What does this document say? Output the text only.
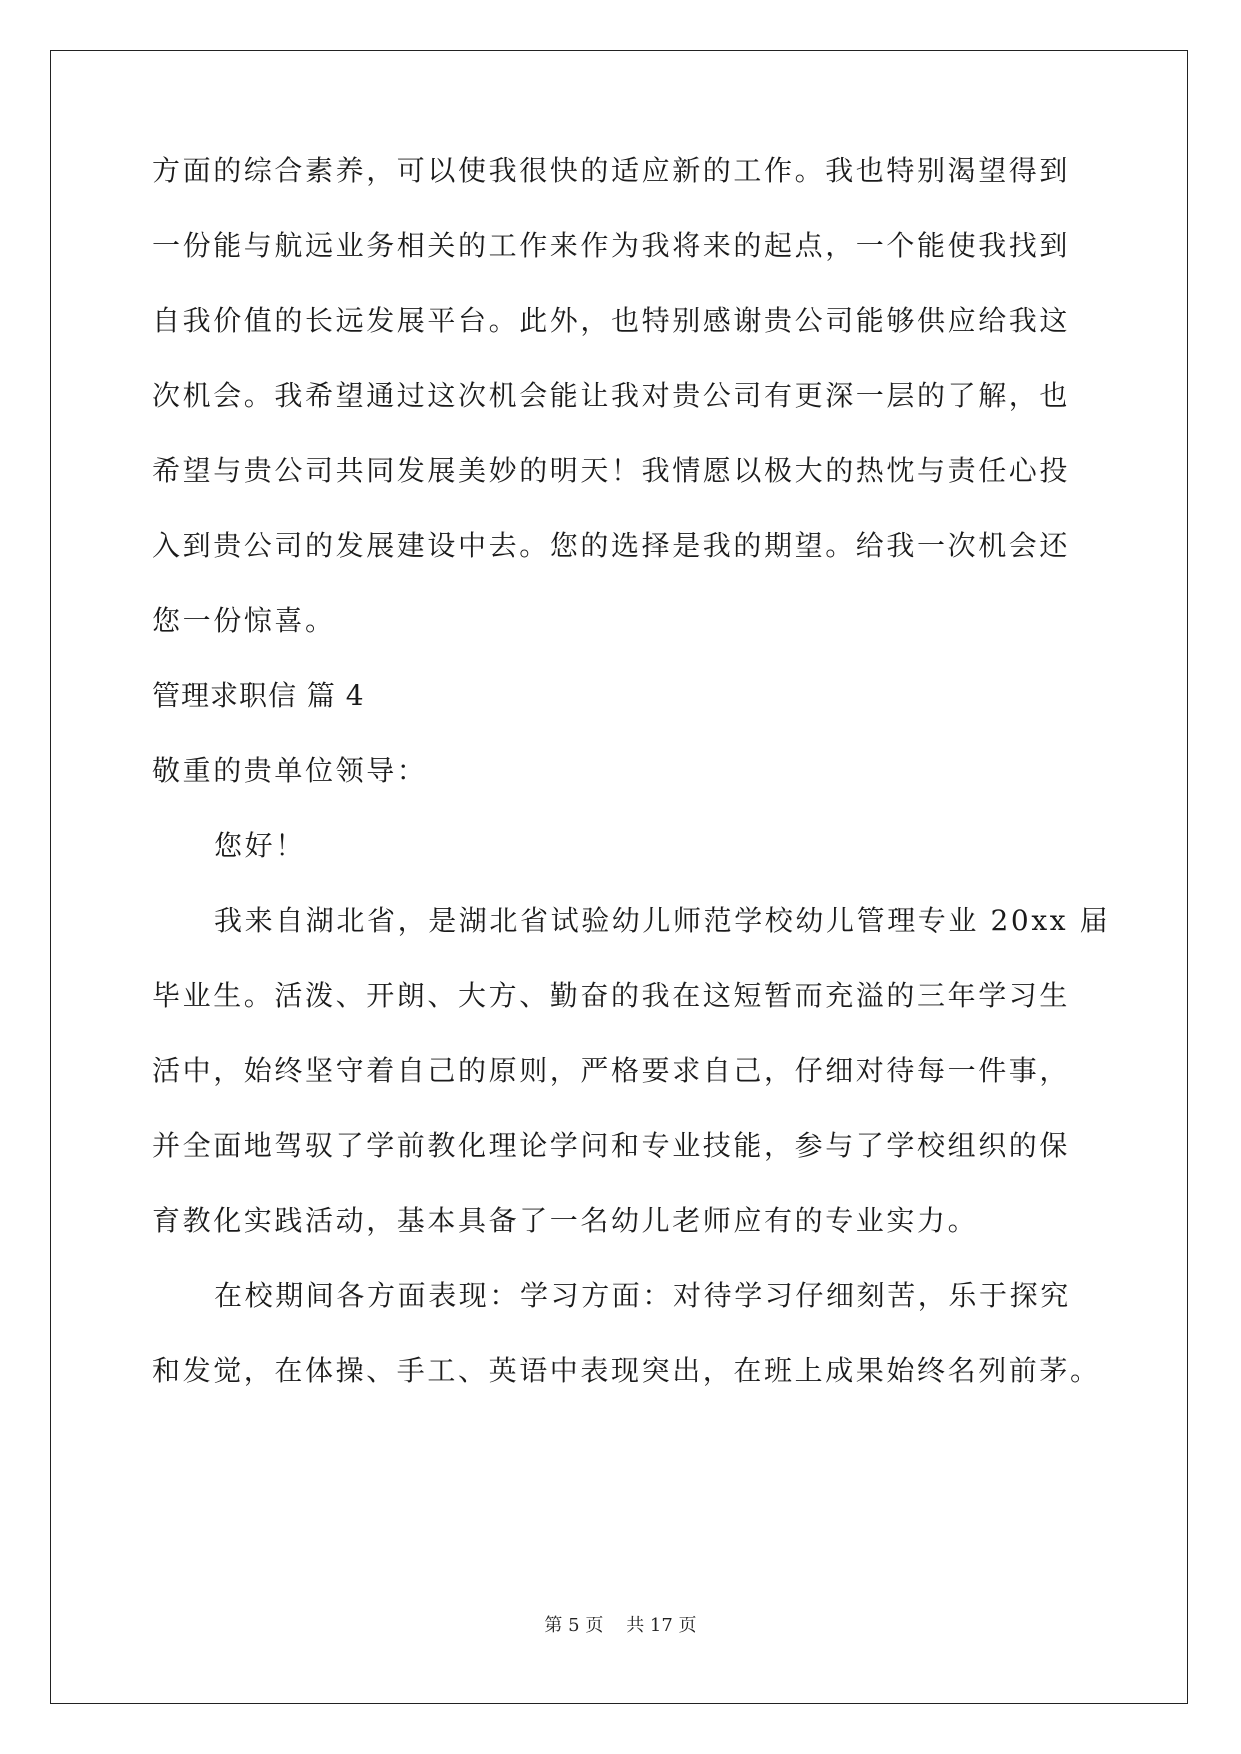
方面的综合素养，可以使我很快的适应新的工作。我也特别渴望得到
一份能与航远业务相关的工作来作为我将来的起点，一个能使我找到
自我价值的长远发展平台。此外，也特别感谢贵公司能够供应给我这
次机会。我希望通过这次机会能让我对贵公司有更深一层的了解，也
希望与贵公司共同发展美妙的明天！我情愿以极大的热忱与责任心投
入到贵公司的发展建设中去。您的选择是我的期望。给我一次机会还
您一份惊喜。
管理求职信 篇 4
敬重的贵单位领导：
您好！
我来自湖北省，是湖北省试验幼儿师范学校幼儿管理专业 20xx 届
毕业生。活泼、开朗、大方、勤奋的我在这短暂而充溢的三年学习生
活中，始终坚守着自己的原则，严格要求自己，仔细对待每一件事，
并全面地驾驭了学前教化理论学问和专业技能，参与了学校组织的保
育教化实践活动，基本具备了一名幼儿老师应有的专业实力。
在校期间各方面表现：学习方面：对待学习仔细刻苦，乐于探究
和发觉，在体操、手工、英语中表现突出，在班上成果始终名列前茅。
第 5 页    共 17 页
